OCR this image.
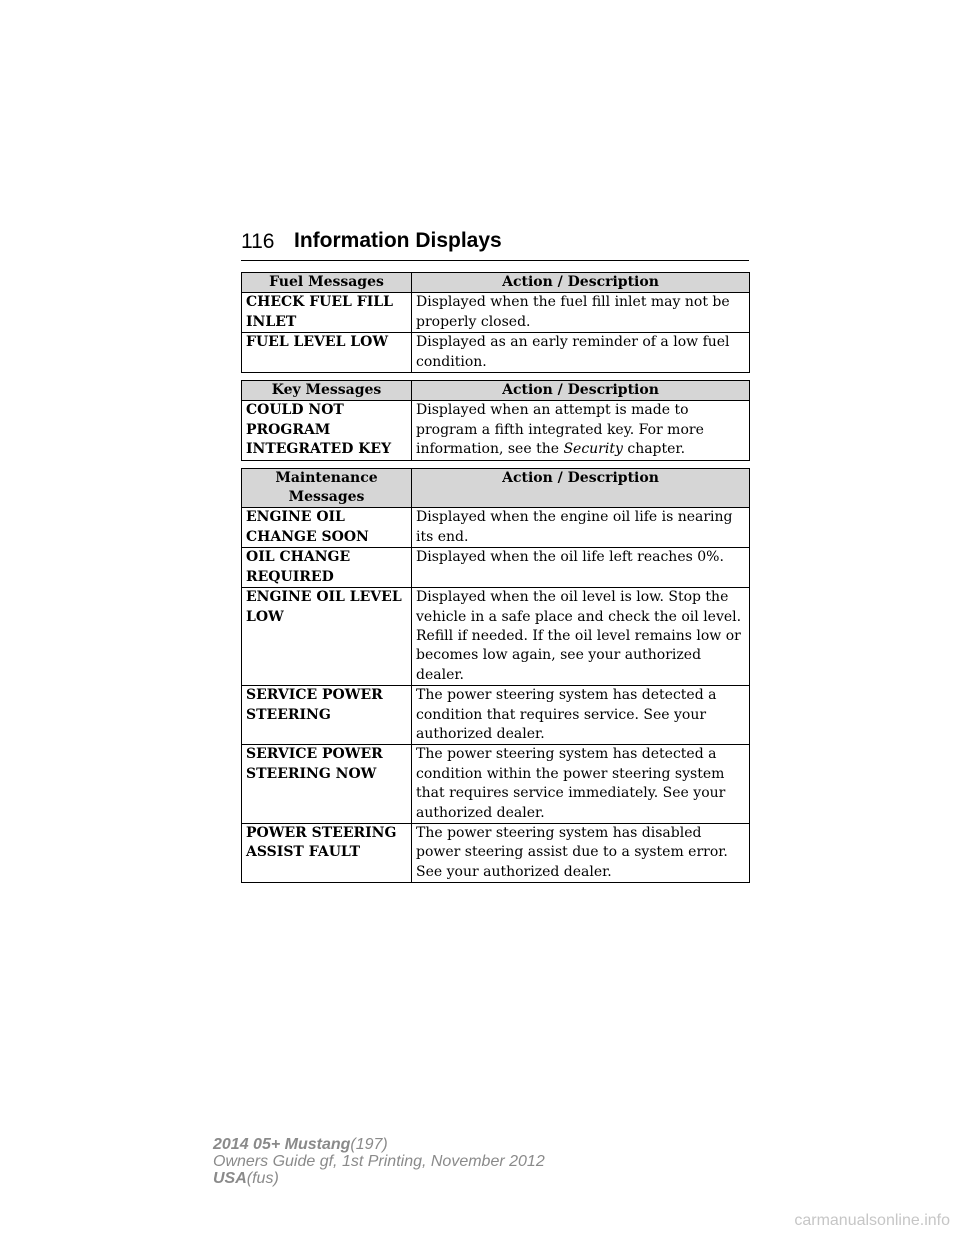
116 Information Displays
Fuel Messages	Action / Description
CHECK FUEL FILL INLET	Displayed when the fuel fill inlet may not be properly closed.
FUEL LEVEL LOW	Displayed as an early reminder of a low fuel condition.
Key Messages	Action / Description
COULD NOT PROGRAM INTEGRATED KEY	Displayed when an attempt is made to program a fifth integrated key. For more information, see the Security chapter.
Maintenance Messages	Action / Description
ENGINE OIL CHANGE SOON	Displayed when the engine oil life is nearing its end.
OIL CHANGE REQUIRED	Displayed when the oil life left reaches 0%.
ENGINE OIL LEVEL LOW	Displayed when the oil level is low. Stop the vehicle in a safe place and check the oil level. Refill if needed. If the oil level remains low or becomes low again, see your authorized dealer.
SERVICE POWER STEERING	The power steering system has detected a condition that requires service. See your authorized dealer.
SERVICE POWER STEERING NOW	The power steering system has detected a condition within the power steering system that requires service immediately. See your authorized dealer.
POWER STEERING ASSIST FAULT	The power steering system has disabled power steering assist due to a system error. See your authorized dealer.
2014 05+ Mustang(197)
Owners Guide gf, 1st Printing, November 2012
USA(fus)
carmanualsonline.info
